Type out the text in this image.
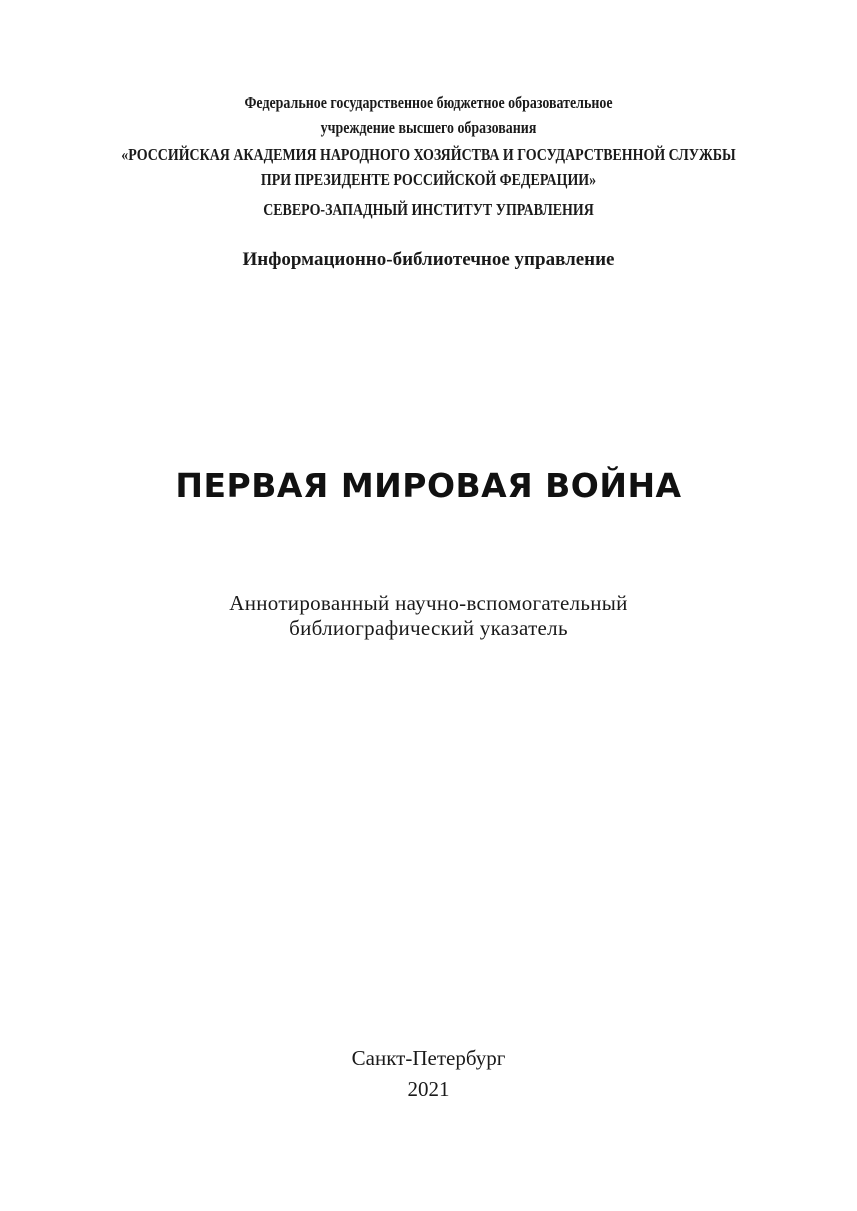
Федеральное государственное бюджетное образовательное
учреждение высшего образования
«РОССИЙСКАЯ АКАДЕМИЯ НАРОДНОГО ХОЗЯЙСТВА И ГОСУДАРСТВЕННОЙ СЛУЖБЫ
ПРИ ПРЕЗИДЕНТЕ РОССИЙСКОЙ ФЕДЕРАЦИИ»
СЕВЕРО-ЗАПАДНЫЙ ИНСТИТУТ УПРАВЛЕНИЯ
Информационно-библиотечное управление
ПЕРВАЯ МИРОВАЯ ВОЙНА
Аннотированный научно-вспомогательный
библиографический указатель
Санкт-Петербург
2021
